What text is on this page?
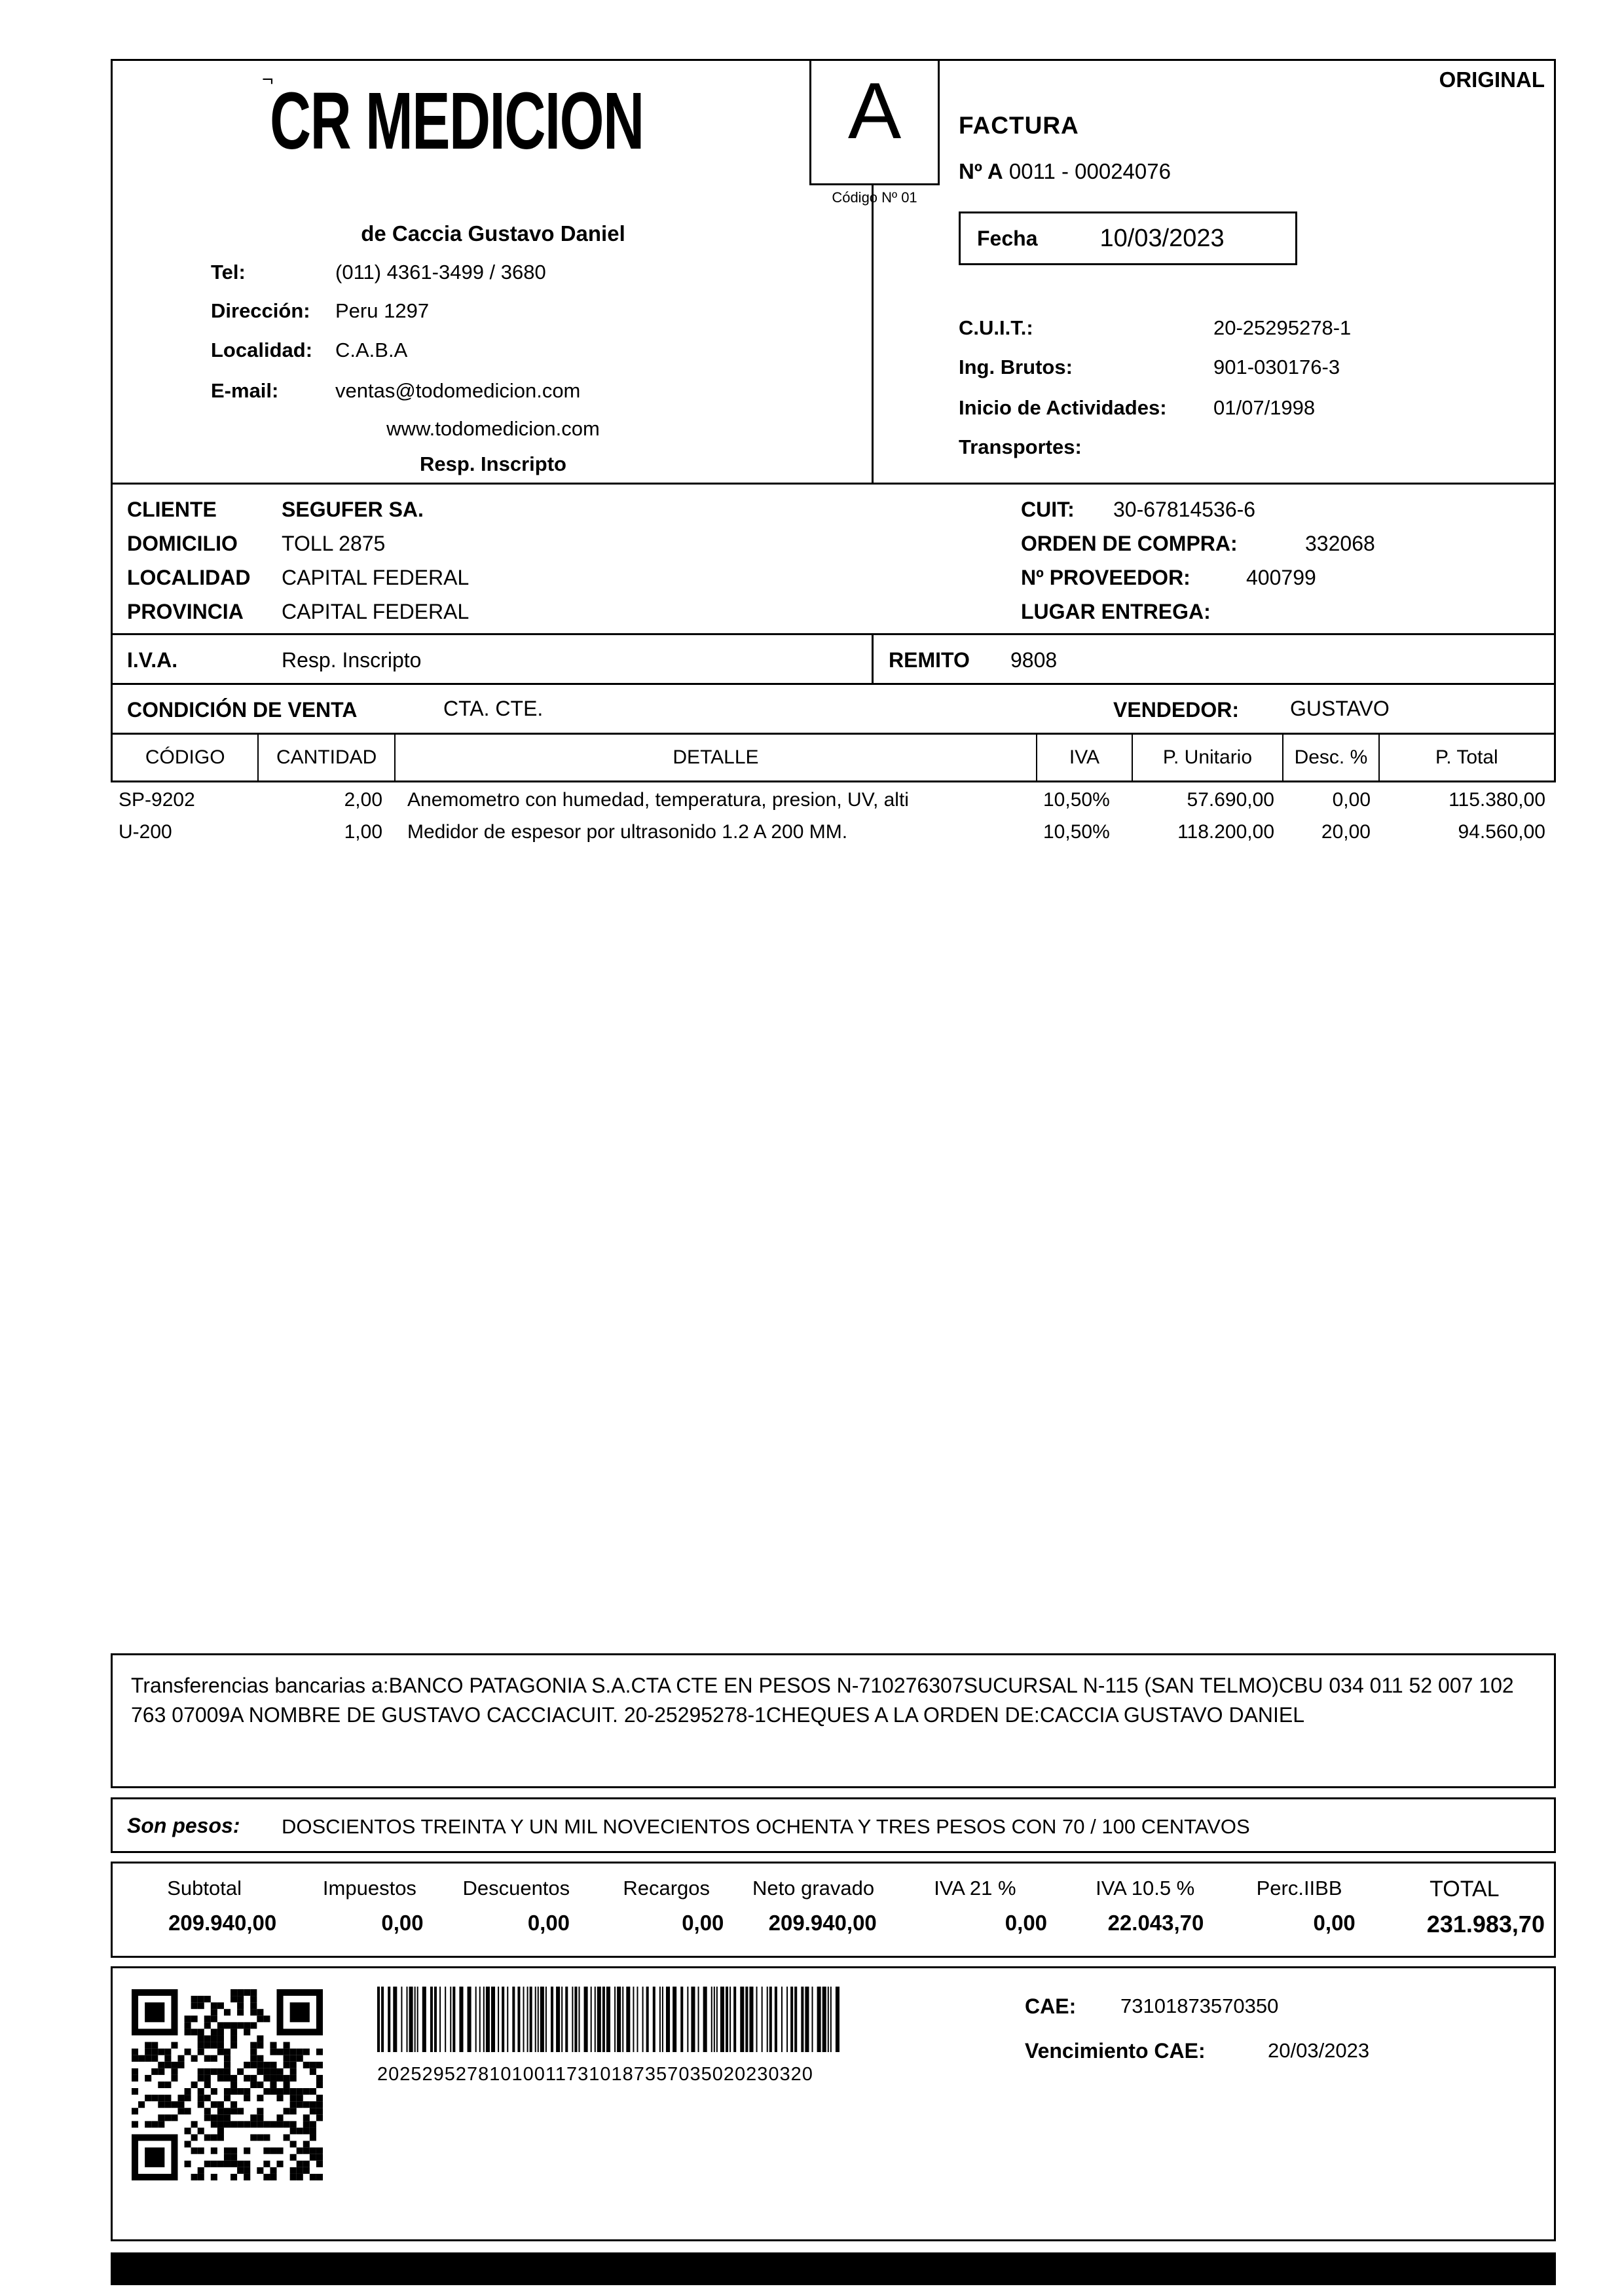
ORIGINAL
¬
CR MEDICION
de Caccia Gustavo Daniel
Tel:	(011) 4361-3499 / 3680
Dirección: Peru 1297
Localidad: C.A.B.A
E-mail:	ventas@todomedicion.com
www.todomedicion.com
Resp. Inscripto
A
Código Nº 01
FACTURA
Nº A 0011 - 00024076
Fecha	10/03/2023
C.U.I.T.:	20-25295278-1
Ing. Brutos:	901-030176-3
Inicio de Actividades: 01/07/1998
Transportes:
CLIENTE	SEGUFER SA.
DOMICILIO TOLL 2875
LOCALIDAD CAPITAL FEDERAL
PROVINCIA CAPITAL FEDERAL
CUIT: 30-67814536-6
ORDEN DE COMPRA:	332068
Nº PROVEEDOR:	400799
LUGAR ENTREGA:
I.V.A.	Resp. Inscripto	REMITO 9808
CONDICIÓN DE VENTA	CTA. CTE.	VENDEDOR: GUSTAVO
CÓDIGO	CANTIDAD	DETALLE	IVA	P. Unitario	Desc. %	P. Total
SP-9202	2,00	Anemometro con humedad, temperatura, presion, UV, alti	10,50%	57.690,00	0,00	115.380,00
U-200	1,00	Medidor de espesor por ultrasonido 1.2 A 200 MM.	10,50%	118.200,00	20,00	94.560,00
Transferencias bancarias a:BANCO PATAGONIA S.A.CTA CTE EN PESOS N-710276307SUCURSAL N-115 (SAN TELMO)CBU 034 011 52 007 102 763 07009A NOMBRE DE GUSTAVO CACCIACUIT. 20-25295278-1CHEQUES A LA ORDEN DE:CACCIA GUSTAVO DANIEL
Son pesos: DOSCIENTOS TREINTA Y UN MIL NOVECIENTOS OCHENTA Y TRES PESOS CON 70 / 100 CENTAVOS
Subtotal	Impuestos	Descuentos	Recargos	Neto gravado	IVA 21 %	IVA 10.5 %	Perc.IIBB	TOTAL
209.940,00	0,00	0,00	0,00	209.940,00	0,00	22.043,70	0,00	231.983,70
202529527810100117310187357035020230320
CAE: 73101873570350
Vencimiento CAE:	20/03/2023
